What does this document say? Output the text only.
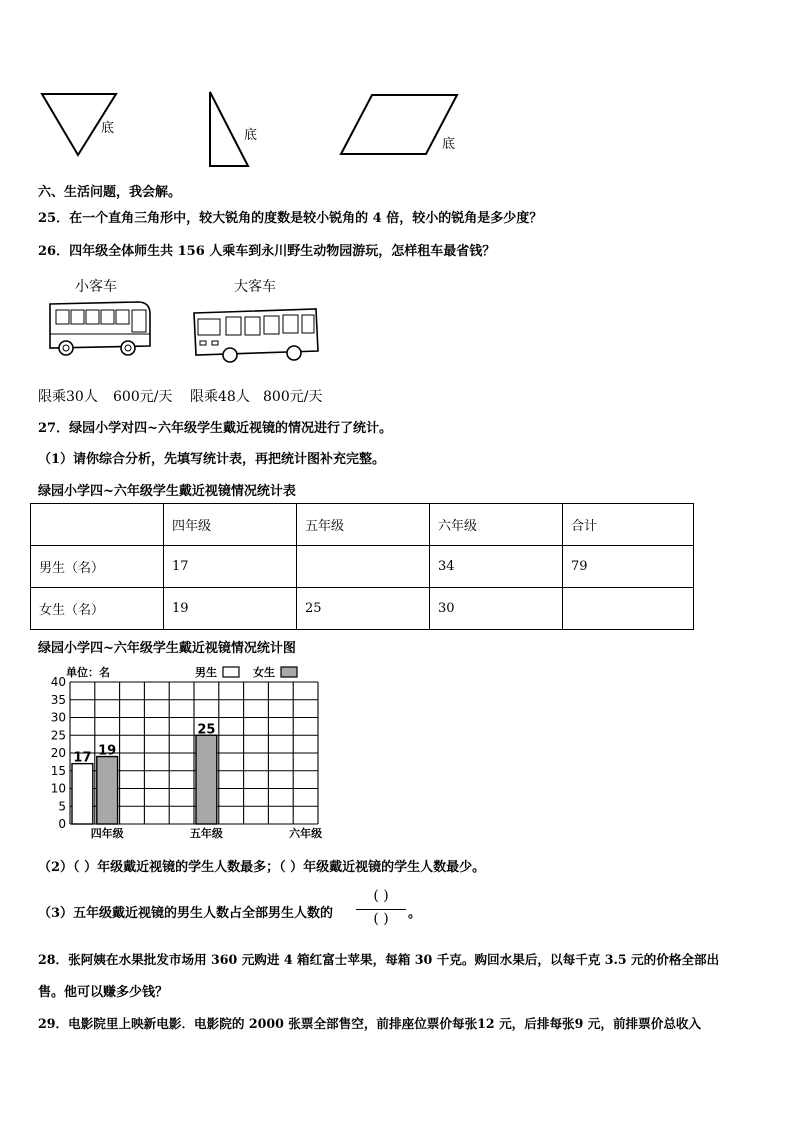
底	底
底
六、生活问题，我会解。
25．在一个直角三角形中，较大锐角的度数是较小锐角的 4 倍，较小的锐角是多少度？
26．四年级全体师生共 156 人乘车到永川野生动物园游玩，怎样租车最省钱？
小客车	大客车
限乘30人 600元/天 限乘48人 800元/天
27．绿园小学对四~六年级学生戴近视镜的情况进行了统计。
（1）请你综合分析，先填写统计表，再把统计图补充完整。
绿园小学四~六年级学生戴近视镜情况统计表
	四年级	五年级	六年级	合计
男生（名）	17		34	79
女生（名）	19	25	30	
绿园小学四~六年级学生戴近视镜情况统计图
0
5
10
15
20
25
30
35
40
17 19
25
四年级	五年级	六年级
单位：名	男生	女生
（2）（ ）年级戴近视镜的学生人数最多；（ ）年级戴近视镜的学生人数最少。
（3）五年级戴近视镜的男生人数占全部男生人数的
( )
( )	。
28．张阿姨在水果批发市场用 360 元购进 4 箱红富士苹果，每箱 30 千克。购回水果后，以每千克 3.5 元的价格全部出
售。他可以赚多少钱？
29．电影院里上映新电影．电影院的 2000 张票全部售空，前排座位票价每张12 元，后排每张9 元，前排票价总收入
